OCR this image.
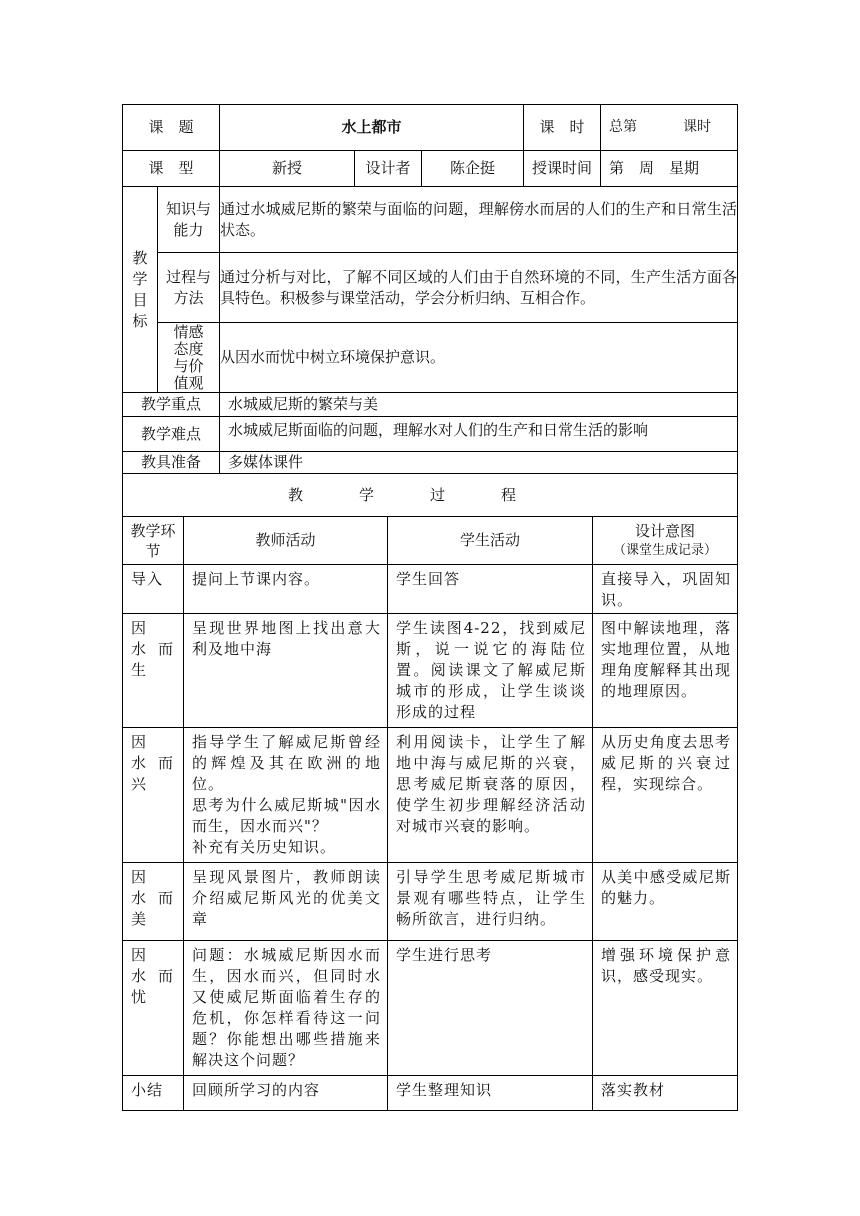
课　题		水上都市			课　时	总第 课时
课　型		新授	设计者	陈企挺	授课时间	第　周　星期
教学目标	知识与能力	通过水城威尼斯的繁荣与面临的问题，理解傍水而居的人们的生产和日常生活状态。				
	过程与方法	通过分析与对比，了解不同区域的人们由于自然环境的不同，生产生活方面各具特色。积极参与课堂活动，学会分析归纳、互相合作。				
	情感态度与价值观	从因水而忧中树立环境保护意识。				
教学重点		水城威尼斯的繁荣与美				
教学难点		水城威尼斯面临的问题，理解水对人们的生产和日常生活的影响				
教具准备		多媒体课件				
教学过程						
教学环节	教师活动	学生活动	设计意图
（课堂生成记录）

导入	提问上节课内容。	学生回答	直接导入，巩固知识。
因 水而生	呈现世界地图上找出意大利及地中海	学生读图4-22，找到威尼斯，说一说它的海陆位置。阅读课文了解威尼斯城市的形成，让学生谈谈形成的过程	图中解读地理，落实地理位置，从地理角度解释其出现的地理原因。
因 水而兴	指导学生了解威尼斯曾经的辉煌及其在欧洲的地位。
思考为什么威尼斯城"因水而生，因水而兴"？
补充有关历史知识。	利用阅读卡，让学生了解地中海与威尼斯的兴衰，思考威尼斯衰落的原因，使学生初步理解经济活动对城市兴衰的影响。	从历史角度去思考威尼斯的兴衰过程，实现综合。
因 水而美	呈现风景图片，教师朗读介绍威尼斯风光的优美文章	引导学生思考威尼斯城市景观有哪些特点，让学生畅所欲言，进行归纳。	从美中感受威尼斯的魅力。
因 水而忧	问题：水城威尼斯因水而生，因水而兴，但同时水又使威尼斯面临着生存的危机，你怎样看待这一问题？你能想出哪些措施来解决这个问题？	学生进行思考	增强环境保护意识，感受现实。
小结	回顾所学习的内容	学生整理知识	落实教材
